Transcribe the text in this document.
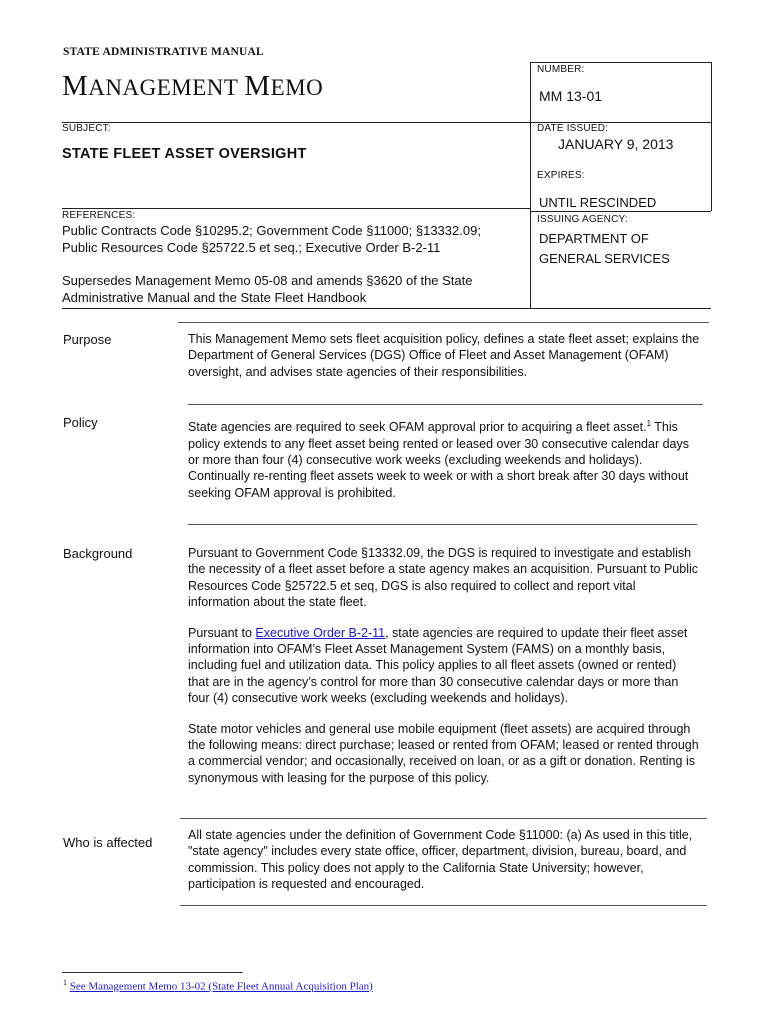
STATE ADMINISTRATIVE MANUAL
MANAGEMENT MEMO
NUMBER:
MM 13-01
DATE ISSUED:
JANUARY 9, 2013
EXPIRES:
UNTIL RESCINDED
ISSUING AGENCY:
DEPARTMENT OF
GENERAL SERVICES
SUBJECT:
STATE FLEET ASSET OVERSIGHT
REFERENCES:
Public Contracts Code §10295.2; Government Code §11000; §13332.09;
Public Resources Code §25722.5 et seq.; Executive Order B-2-11
Supersedes Management Memo 05-08 and amends §3620 of the State
Administrative Manual and the State Fleet Handbook
Purpose	This Management Memo sets fleet acquisition policy, defines a state fleet asset; explains the Department of General Services (DGS) Office of Fleet and Asset Management (OFAM) oversight, and advises state agencies of their responsibilities.
Policy	State agencies are required to seek OFAM approval prior to acquiring a fleet asset.$^1$ This policy extends to any fleet asset being rented or leased over 30 consecutive calendar days or more than four (4) consecutive work weeks (excluding weekends and holidays). Continually re-renting fleet assets week to week or with a short break after 30 days without seeking OFAM approval is prohibited.
Background	Pursuant to Government Code §13332.09, the DGS is required to investigate and establish the necessity of a fleet asset before a state agency makes an acquisition. Pursuant to Public Resources Code §25722.5 et seq, DGS is also required to collect and report vital information about the state fleet.

Pursuant to Executive Order B-2-11, state agencies are required to update their fleet asset information into OFAM’s Fleet Asset Management System (FAMS) on a monthly basis, including fuel and utilization data. This policy applies to all fleet assets (owned or rented) that are in the agency’s control for more than 30 consecutive calendar days or more than four (4) consecutive work weeks (excluding weekends and holidays).

State motor vehicles and general use mobile equipment (fleet assets) are acquired through the following means: direct purchase; leased or rented from OFAM; leased or rented through a commercial vendor; and occasionally, received on loan, or as a gift or donation. Renting is synonymous with leasing for the purpose of this policy.

Who is affected	All state agencies under the definition of Government Code §11000: (a) As used in this title, "state agency" includes every state office, officer, department, division, bureau, board, and commission. This policy does not apply to the California State University; however, participation is requested and encouraged.
$^1$ See Management Memo 13-02 (State Fleet Annual Acquisition Plan)
